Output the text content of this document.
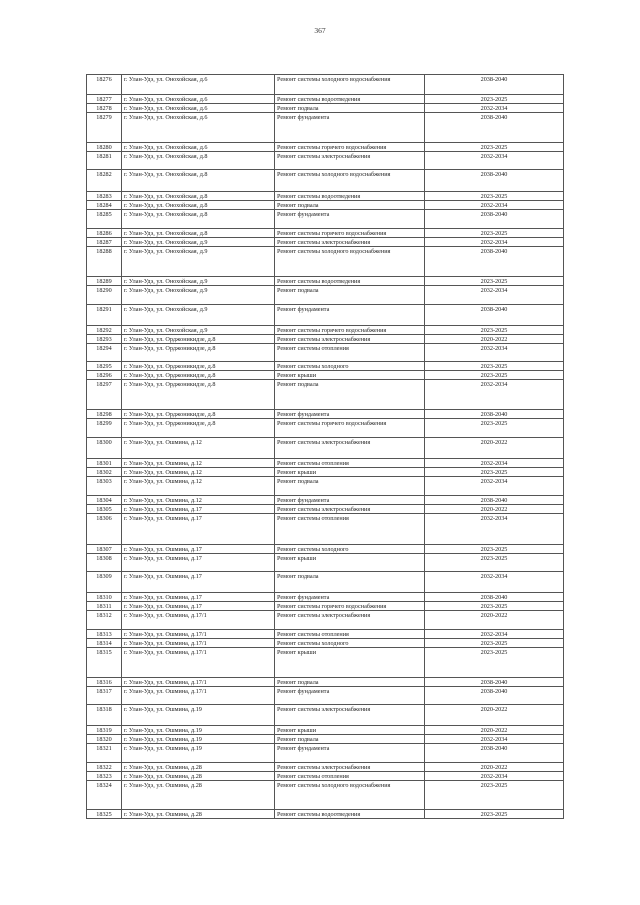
367
18276	г. Улан-Удэ, ул. Онохойская, д.6	Ремонт системы холодного водоснабжения	2038-2040
18277	г. Улан-Удэ, ул. Онохойская, д.6	Ремонт системы водоотведения	2023-2025
18278	г. Улан-Удэ, ул. Онохойская, д.6	Ремонт подвала	2032-2034
18279	г. Улан-Удэ, ул. Онохойская, д.6	Ремонт фундамента	2038-2040
18280	г. Улан-Удэ, ул. Онохойская, д.6	Ремонт системы горячего водоснабжения	2023-2025
18281	г. Улан-Удэ, ул. Онохойская, д.8	Ремонт системы электроснабжения	2032-2034
18282	г. Улан-Удэ, ул. Онохойская, д.8	Ремонт системы холодного водоснабжения	2038-2040
18283	г. Улан-Удэ, ул. Онохойская, д.8	Ремонт системы водоотведения	2023-2025
18284	г. Улан-Удэ, ул. Онохойская, д.8	Ремонт подвала	2032-2034
18285	г. Улан-Удэ, ул. Онохойская, д.8	Ремонт фундамента	2038-2040
18286	г. Улан-Удэ, ул. Онохойская, д.8	Ремонт системы горячего водоснабжения	2023-2025
18287	г. Улан-Удэ, ул. Онохойская, д.9	Ремонт системы электроснабжения	2032-2034
18288	г. Улан-Удэ, ул. Онохойская, д.9	Ремонт системы холодного водоснабжения	2038-2040
18289	г. Улан-Удэ, ул. Онохойская, д.9	Ремонт системы водоотведения	2023-2025
18290	г. Улан-Удэ, ул. Онохойская, д.9	Ремонт подвала	2032-2034
18291	г. Улан-Удэ, ул. Онохойская, д.9	Ремонт фундамента	2038-2040
18292	г. Улан-Удэ, ул. Онохойская, д.9	Ремонт системы горячего водоснабжения	2023-2025
18293	г. Улан-Удэ, ул. Орджоникидзе, д.8	Ремонт системы электроснабжения	2020-2022
18294	г. Улан-Удэ, ул. Орджоникидзе, д.8	Ремонт системы отопления	2032-2034
18295	г. Улан-Удэ, ул. Орджоникидзе, д.8	Ремонт системы холодного	2023-2025
18296	г. Улан-Удэ, ул. Орджоникидзе, д.8	Ремонт крыши	2023-2025
18297	г. Улан-Удэ, ул. Орджоникидзе, д.8	Ремонт подвала	2032-2034
18298	г. Улан-Удэ, ул. Орджоникидзе, д.8	Ремонт фундамента	2038-2040
18299	г. Улан-Удэ, ул. Орджоникидзе, д.8	Ремонт системы горячего водоснабжения	2023-2025
18300	г. Улан-Удэ, ул. Ошмина, д.12	Ремонт системы электроснабжения	2020-2022
18301	г. Улан-Удэ, ул. Ошмина, д.12	Ремонт системы отопления	2032-2034
18302	г. Улан-Удэ, ул. Ошмина, д.12	Ремонт крыши	2023-2025
18303	г. Улан-Удэ, ул. Ошмина, д.12	Ремонт подвала	2032-2034
18304	г. Улан-Удэ, ул. Ошмина, д.12	Ремонт фундамента	2038-2040
18305	г. Улан-Удэ, ул. Ошмина, д.17	Ремонт системы электроснабжения	2020-2022
18306	г. Улан-Удэ, ул. Ошмина, д.17	Ремонт системы отопления	2032-2034
18307	г. Улан-Удэ, ул. Ошмина, д.17	Ремонт системы холодного	2023-2025
18308	г. Улан-Удэ, ул. Ошмина, д.17	Ремонт крыши	2023-2025
18309	г. Улан-Удэ, ул. Ошмина, д.17	Ремонт подвала	2032-2034
18310	г. Улан-Удэ, ул. Ошмина, д.17	Ремонт фундамента	2038-2040
18311	г. Улан-Удэ, ул. Ошмина, д.17	Ремонт системы горячего водоснабжения	2023-2025
18312	г. Улан-Удэ, ул. Ошмина, д.17/1	Ремонт системы электроснабжения	2020-2022
18313	г. Улан-Удэ, ул. Ошмина, д.17/1	Ремонт системы отопления	2032-2034
18314	г. Улан-Удэ, ул. Ошмина, д.17/1	Ремонт системы холодного	2023-2025
18315	г. Улан-Удэ, ул. Ошмина, д.17/1	Ремонт крыши	2023-2025
18316	г. Улан-Удэ, ул. Ошмина, д.17/1	Ремонт подвала	2038-2040
18317	г. Улан-Удэ, ул. Ошмина, д.17/1	Ремонт фундамента	2038-2040
18318	г. Улан-Удэ, ул. Ошмина, д.19	Ремонт системы электроснабжения	2020-2022
18319	г. Улан-Удэ, ул. Ошмина, д.19	Ремонт крыши	2020-2022
18320	г. Улан-Удэ, ул. Ошмина, д.19	Ремонт подвала	2032-2034
18321	г. Улан-Удэ, ул. Ошмина, д.19	Ремонт фундамента	2038-2040
18322	г. Улан-Удэ, ул. Ошмина, д.28	Ремонт системы электроснабжения	2020-2022
18323	г. Улан-Удэ, ул. Ошмина, д.28	Ремонт системы отопления	2032-2034
18324	г. Улан-Удэ, ул. Ошмина, д.28	Ремонт системы холодного водоснабжения	2023-2025
18325	г. Улан-Удэ, ул. Ошмина, д.28	Ремонт системы водоотведения	2023-2025
